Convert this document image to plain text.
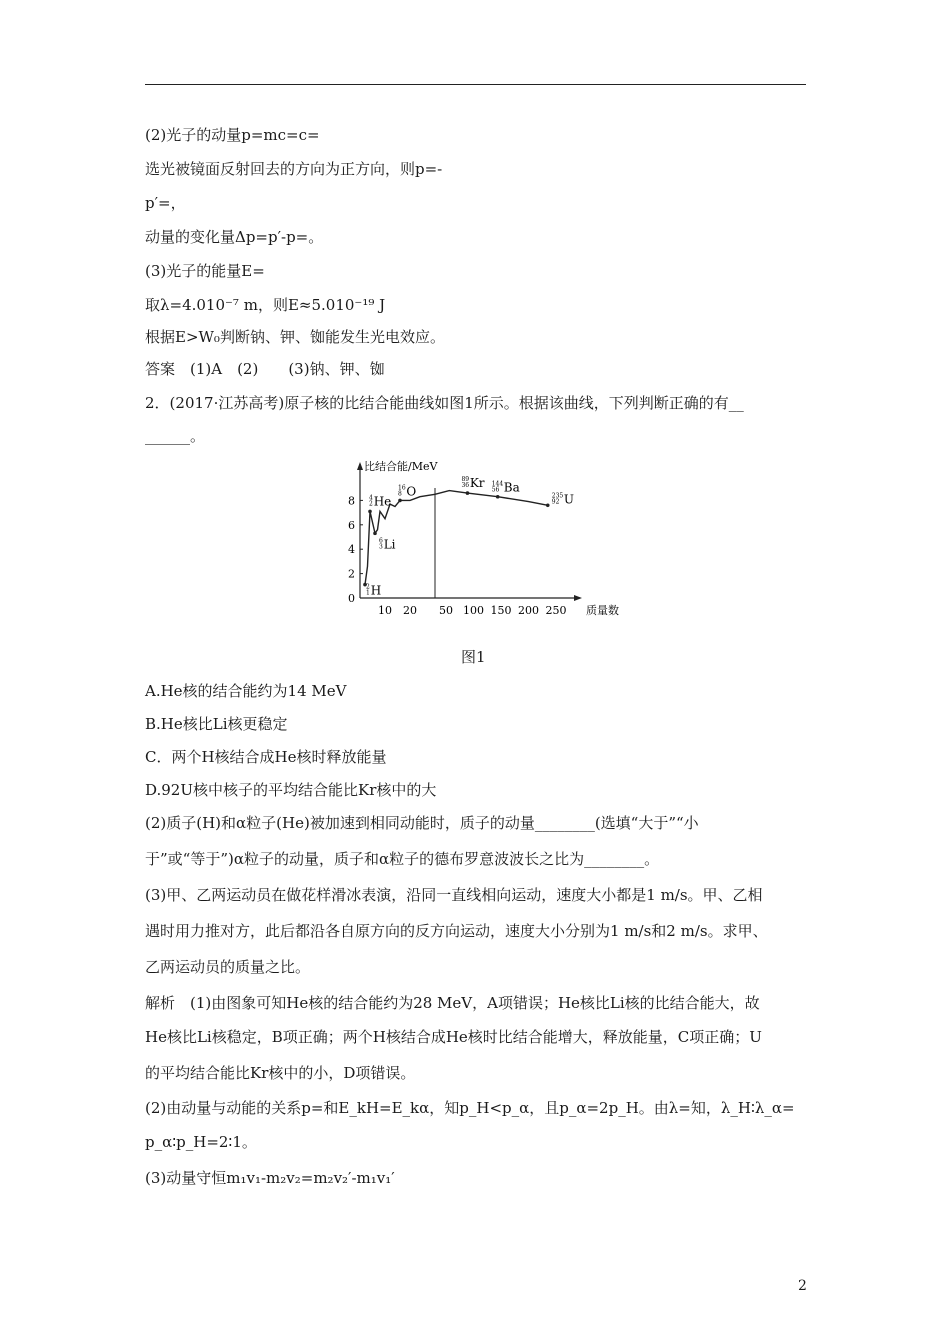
(2)光子的动量p=mc=c=
选光被镜面反射回去的方向为正方向，则p=-
p′=，
动量的变化量Δp=p′-p=。
(3)光子的能量E=
取λ=4.010⁻⁷ m，则E≈5.010⁻¹⁹ J
根据E>W₀判断钠、钾、铷能发生光电效应。
答案　(1)A　(2)　　(3)钠、钾、铷
2．(2017·江苏高考)原子核的比结合能曲线如图1所示。根据该曲线，下列判断正确的有__
______。
比结合能/MeV
质量数
0
2
4
6
8
10 20 50 100 150 200 250
2
1 H
4
2 He
6
3 Li
16
8 O
89
36 Kr 144
56 Ba
235
92 U
图1
A.He核的结合能约为14 MeV
B.He核比Li核更稳定
C．两个H核结合成He核时释放能量
D.92U核中核子的平均结合能比Kr核中的大
(2)质子(H)和α粒子(He)被加速到相同动能时，质子的动量________(选填“大于”“小
于”或“等于”)α粒子的动量，质子和α粒子的德布罗意波波长之比为________。
(3)甲、乙两运动员在做花样滑冰表演，沿同一直线相向运动，速度大小都是1 m/s。甲、乙相
遇时用力推对方，此后都沿各自原方向的反方向运动，速度大小分别为1 m/s和2 m/s。求甲、
乙两运动员的质量之比。
解析　(1)由图象可知He核的结合能约为28 MeV，A项错误；He核比Li核的比结合能大，故
He核比Li核稳定，B项正确；两个H核结合成He核时比结合能增大，释放能量，C项正确；U
的平均结合能比Kr核中的小，D项错误。
(2)由动量与动能的关系p=和E_kH=E_kα，知p_H<p_α，且p_α=2p_H。由λ=知，λ_H∶λ_α=
p_α∶p_H=2∶1。
(3)动量守恒m₁v₁-m₂v₂=m₂v₂′-m₁v₁′
2
